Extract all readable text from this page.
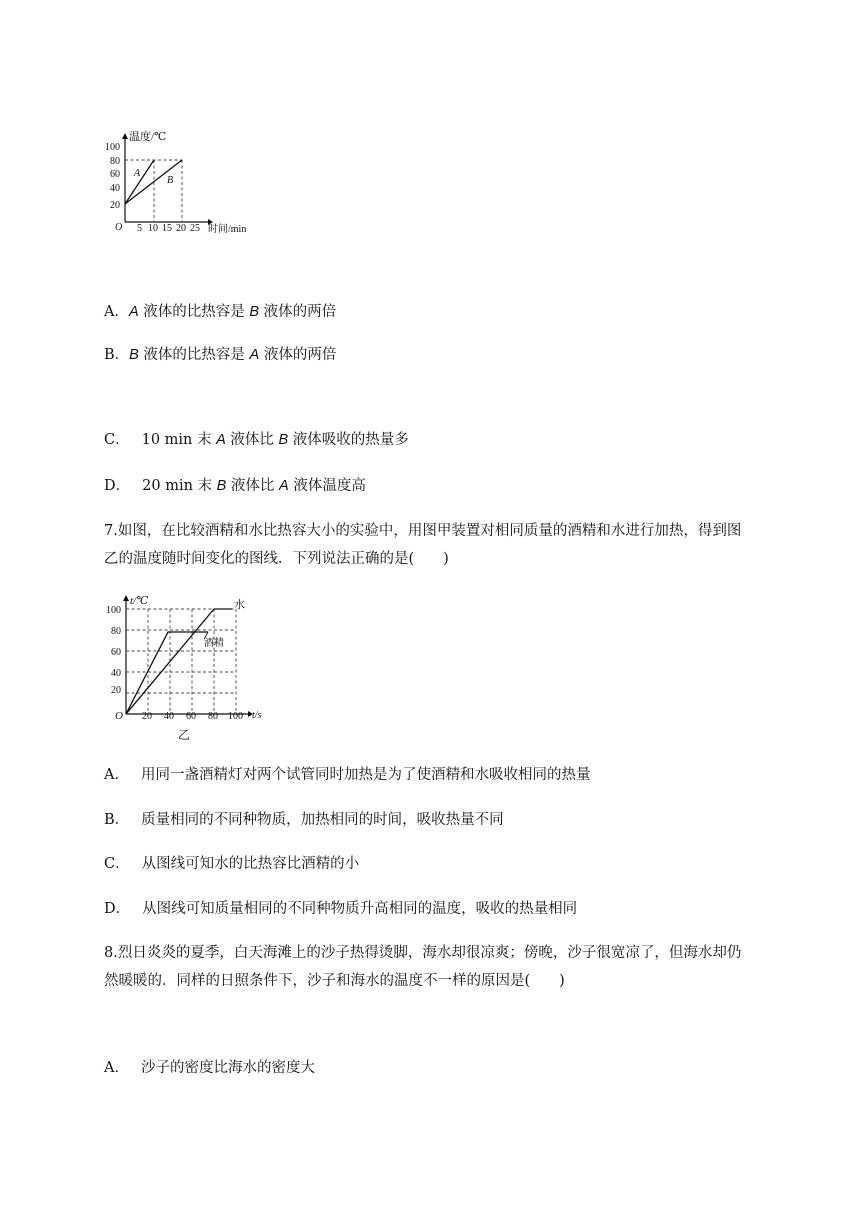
温度/℃
100
80
60
40
20
A
B
O 5 10 15 20 25 时间/min
A．A 液体的比热容是 B 液体的两倍
B．B 液体的比热容是 A 液体的两倍
C． 10 min 末 A 液体比 B 液体吸收的热量多
D． 20 min 末 B 液体比 A 液体温度高
7.如图，在比较酒精和水比热容大小的实验中，用图甲装置对相同质量的酒精和水进行加热，得到图乙的温度随时间变化的图线．下列说法正确的是(　　)
t/℃
100
80
60
40
20
水
酒精
O 20 40 60 80 100 t/s
乙
A． 用同一盏酒精灯对两个试管同时加热是为了使酒精和水吸收相同的热量
B． 质量相同的不同种物质，加热相同的时间，吸收热量不同
C． 从图线可知水的比热容比酒精的小
D． 从图线可知质量相同的不同种物质升高相同的温度，吸收的热量相同
8.烈日炎炎的夏季，白天海滩上的沙子热得烫脚，海水却很凉爽；傍晚，沙子很宽凉了，但海水却仍然暖暖的．同样的日照条件下，沙子和海水的温度不一样的原因是(　　)
A． 沙子的密度比海水的密度大
